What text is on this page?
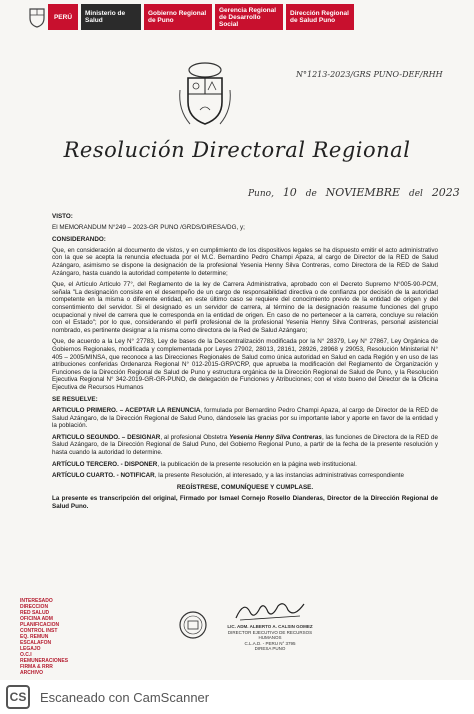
PERÚ	Ministerio de Salud
Gobierno Regional de Puno
Gerencia Regional de Desarrollo Social
Dirección Regional de Salud Puno
N°1213-2023/GRS PUNO-DEF/RHH
Resolución Directoral Regional
Puno, 10 de NOVIEMBRE del 2023

VISTO:

El MEMORANDUM N°249 – 2023-GR PUNO /GRDS/DIRESA/DG, y;

CONSIDERANDO:

Que, en consideración al documento de vistos, y en cumplimiento de los dispositivos legales se ha dispuesto emitir el acto administrativo con la que se acepta la renuncia efectuada por el M.C. Bernardino Pedro Champi Apaza, al cargo de Director de la RED de Salud Azángaro, asimismo se dispone la designación de la profesional Yesenia Henny Silva Contreras, como Directora de la RED de Salud Azángaro, hasta cuando la autoridad competente lo determine;

Que, el Artículo Artículo 77°, del Reglamento de la ley de Carrera Administrativa, aprobado con el Decreto Supremo N°005-90-PCM, señala "La designación consiste en el desempeño de un cargo de responsabilidad directiva o de confianza por decisión de la autoridad competente en la misma o diferente entidad, en este último caso se requiere del conocimiento previo de la entidad de origen y del consentimiento del servidor. Si el designado es un servidor de carrera, al término de la designación reasume funciones del grupo ocupacional y nivel de carrera que le corresponda en la entidad de origen. En caso de no pertenecer a la carrera, concluye su relación con el Estado"; por lo que, considerando el perfil profesional de la profesional Yesenia Henny Silva Contreras, personal asistencial nombrado, es pertinente designar a la misma como directora de la Red de Salud Azángaro;

Que, de acuerdo a la Ley N° 27783, Ley de bases de la Descentralización modificada por la N° 28379, Ley N° 27867, Ley Orgánica de Gobiernos Regionales, modificada y complementada por Leyes 27902, 28013, 28161, 28926, 28968 y 29053, Resolución Ministerial N° 405 – 2005/MINSA, que reconoce a las Direcciones Regionales de Salud como única autoridad en Salud en cada Región y en uso de las atribuciones conferidas Ordenanza Regional N° 012-2015-GRP/CRP, que aprueba la modificación del Reglamento de Organización y Funciones de la Dirección Regional de Salud de Puno y estructura orgánica de la Dirección Regional de Salud de Puno, y la Resolución Ejecutiva Regional N° 342-2019-GR-GR-PUNO, de delegación de Funciones y Atribuciones; con el visto bueno del Director de la Oficina Ejecutiva de Recursos Humanos

SE RESUELVE:

ARTICULO PRIMERO. – ACEPTAR LA RENUNCIA, formulada por Bernardino Pedro Champi Apaza, al cargo de Director de la RED de Salud Azángaro, de la Dirección Regional de Salud Puno, dándosele las gracias por su importante labor y aporte en favor de la entidad y la población.

ARTICULO SEGUNDO. – DESIGNAR, al profesional Obstetra Yesenia Henny Silva Contreras, las funciones de Directora de la RED de Salud Azángaro, de la Dirección Regional de Salud Puno, del Gobierno Regional Puno, a partir de la fecha de la presente resolución y hasta cuando la autoridad lo determine.

ARTÍCULO TERCERO. - DISPONER, la publicación de la presente resolución en la página web institucional.

ARTÍCULO CUARTO. - NOTIFICAR, la presente Resolución, al interesado, y a las instancias administrativas correspondiente

REGÍSTRESE, COMUNÍQUESE Y CUMPLASE.

La presente es transcripción del original, Firmado por Ismael Cornejo Rosello Dianderas, Director de la Dirección Regional de Salud Puno.

INTERESADO
DIRECCION
RED SALUD
OFICINA ADM
PLANIFICACION
CONTROL INST
EQ. REMUN
ESCALAFON
LEGAJO
O.C.I
REMUNERACIONES
FIRMA & RRR
ARCHIVO
LIC. ADM. ALBERTO A. CALSIN GOMEZ
DIRECTOR EJECUTIVO DE RECURSOS HUMANOS
C.L.A.D. - PERU N° 3795
DIRESA PUNO
CS Escaneado con CamScanner
